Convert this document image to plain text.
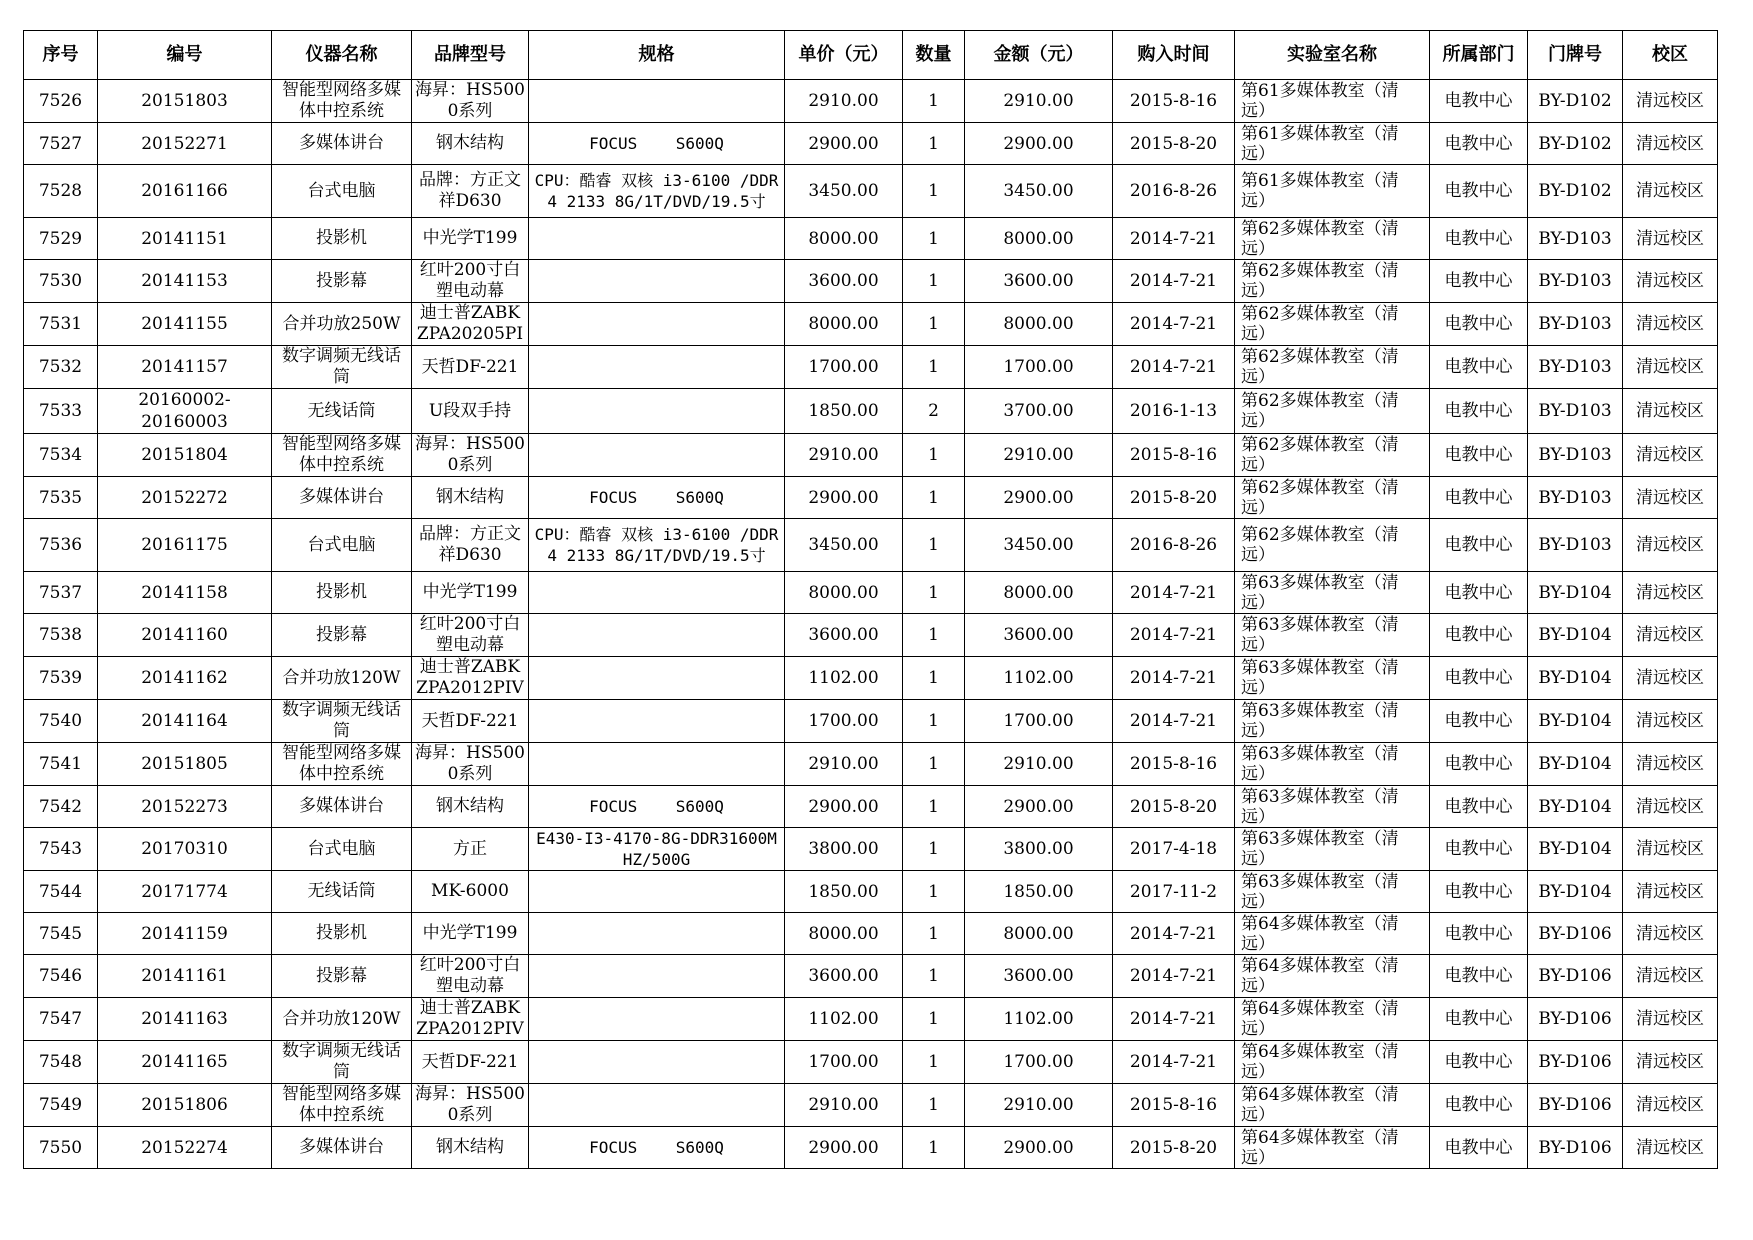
序号	编号	仪器名称	品牌型号	规格	单价（元）	数量	金额（元）	购入时间	实验室名称	所属部门	门牌号	校区
7526	20151803	智能型网络多媒体中控系统	海昇：HS5000系列		2910.00	1	2910.00	2015-8-16	第61多媒体教室（清远）	电教中心	BY-D102	清远校区
7527	20152271	多媒体讲台	钢木结构	FOCUS    S600Q	2900.00	1	2900.00	2015-8-20	第61多媒体教室（清远）	电教中心	BY-D102	清远校区
7528	20161166	台式电脑	品牌：方正文祥D630	CPU：酷睿 双核 i3-6100 /DDR4 2133 8G/1T/DVD/19.5寸	3450.00	1	3450.00	2016-8-26	第61多媒体教室（清远）	电教中心	BY-D102	清远校区
7529	20141151	投影机	中光学T199		8000.00	1	8000.00	2014-7-21	第62多媒体教室（清远）	电教中心	BY-D103	清远校区
7530	20141153	投影幕	红叶200寸白塑电动幕		3600.00	1	3600.00	2014-7-21	第62多媒体教室（清远）	电教中心	BY-D103	清远校区
7531	20141155	合并功放250W	迪士普ZABKZPA20205PI		8000.00	1	8000.00	2014-7-21	第62多媒体教室（清远）	电教中心	BY-D103	清远校区
7532	20141157	数字调频无线话筒	天哲DF-221		1700.00	1	1700.00	2014-7-21	第62多媒体教室（清远）	电教中心	BY-D103	清远校区
7533	20160002-20160003	无线话筒	U段双手持		1850.00	2	3700.00	2016-1-13	第62多媒体教室（清远）	电教中心	BY-D103	清远校区
7534	20151804	智能型网络多媒体中控系统	海昇：HS5000系列		2910.00	1	2910.00	2015-8-16	第62多媒体教室（清远）	电教中心	BY-D103	清远校区
7535	20152272	多媒体讲台	钢木结构	FOCUS    S600Q	2900.00	1	2900.00	2015-8-20	第62多媒体教室（清远）	电教中心	BY-D103	清远校区
7536	20161175	台式电脑	品牌：方正文祥D630	CPU：酷睿 双核 i3-6100 /DDR4 2133 8G/1T/DVD/19.5寸	3450.00	1	3450.00	2016-8-26	第62多媒体教室（清远）	电教中心	BY-D103	清远校区
7537	20141158	投影机	中光学T199		8000.00	1	8000.00	2014-7-21	第63多媒体教室（清远）	电教中心	BY-D104	清远校区
7538	20141160	投影幕	红叶200寸白塑电动幕		3600.00	1	3600.00	2014-7-21	第63多媒体教室（清远）	电教中心	BY-D104	清远校区
7539	20141162	合并功放120W	迪士普ZABKZPA2012PIV		1102.00	1	1102.00	2014-7-21	第63多媒体教室（清远）	电教中心	BY-D104	清远校区
7540	20141164	数字调频无线话筒	天哲DF-221		1700.00	1	1700.00	2014-7-21	第63多媒体教室（清远）	电教中心	BY-D104	清远校区
7541	20151805	智能型网络多媒体中控系统	海昇：HS5000系列		2910.00	1	2910.00	2015-8-16	第63多媒体教室（清远）	电教中心	BY-D104	清远校区
7542	20152273	多媒体讲台	钢木结构	FOCUS    S600Q	2900.00	1	2900.00	2015-8-20	第63多媒体教室（清远）	电教中心	BY-D104	清远校区
7543	20170310	台式电脑	方正	E430-I3-4170-8G-DDR31600MHZ/500G	3800.00	1	3800.00	2017-4-18	第63多媒体教室（清远）	电教中心	BY-D104	清远校区
7544	20171774	无线话筒	MK-6000		1850.00	1	1850.00	2017-11-2	第63多媒体教室（清远）	电教中心	BY-D104	清远校区
7545	20141159	投影机	中光学T199		8000.00	1	8000.00	2014-7-21	第64多媒体教室（清远）	电教中心	BY-D106	清远校区
7546	20141161	投影幕	红叶200寸白塑电动幕		3600.00	1	3600.00	2014-7-21	第64多媒体教室（清远）	电教中心	BY-D106	清远校区
7547	20141163	合并功放120W	迪士普ZABKZPA2012PIV		1102.00	1	1102.00	2014-7-21	第64多媒体教室（清远）	电教中心	BY-D106	清远校区
7548	20141165	数字调频无线话筒	天哲DF-221		1700.00	1	1700.00	2014-7-21	第64多媒体教室（清远）	电教中心	BY-D106	清远校区
7549	20151806	智能型网络多媒体中控系统	海昇：HS5000系列		2910.00	1	2910.00	2015-8-16	第64多媒体教室（清远）	电教中心	BY-D106	清远校区
7550	20152274	多媒体讲台	钢木结构	FOCUS    S600Q	2900.00	1	2900.00	2015-8-20	第64多媒体教室（清远）	电教中心	BY-D106	清远校区
